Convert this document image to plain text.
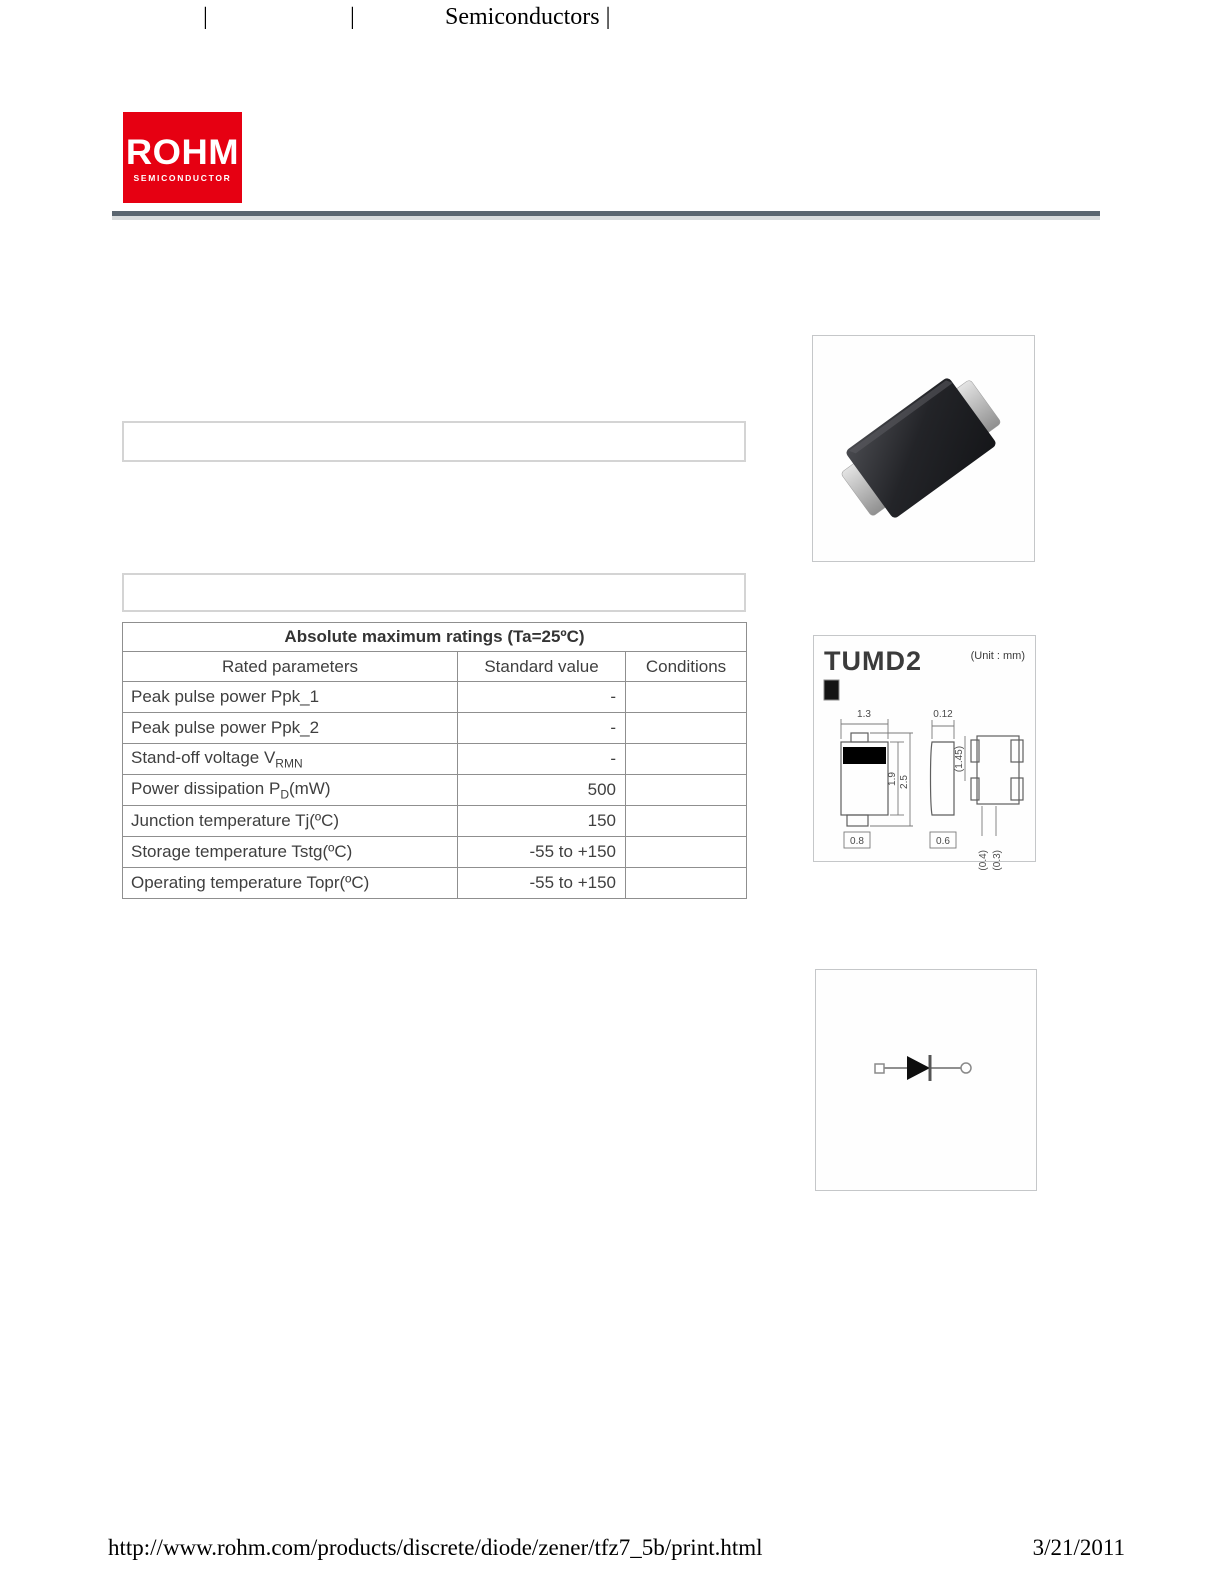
|	|	Semiconductors |
ROHM
SEMICONDUCTOR
Absolute maximum ratings (Ta=25ºC)		
Rated parameters	Standard value	Conditions
Peak pulse power Ppk_1	-	
Peak pulse power Ppk_2	-	
Stand-off voltage $V_{RMN}$	-	
Power dissipation $P_D(mW)$	500	
Junction temperature Tj(ºC)	150	
Storage temperature Tstg(ºC)	-55 to +150	
Operating temperature Topr(ºC)	-55 to +150	
TUMD2	(Unit : mm)
1.3
1.9 2.5
0.8
0.12
0.6
(1.45)
(0.4) (0.3)
http://www.rohm.com/products/discrete/diode/zener/tfz7_5b/print.html	3/21/2011
